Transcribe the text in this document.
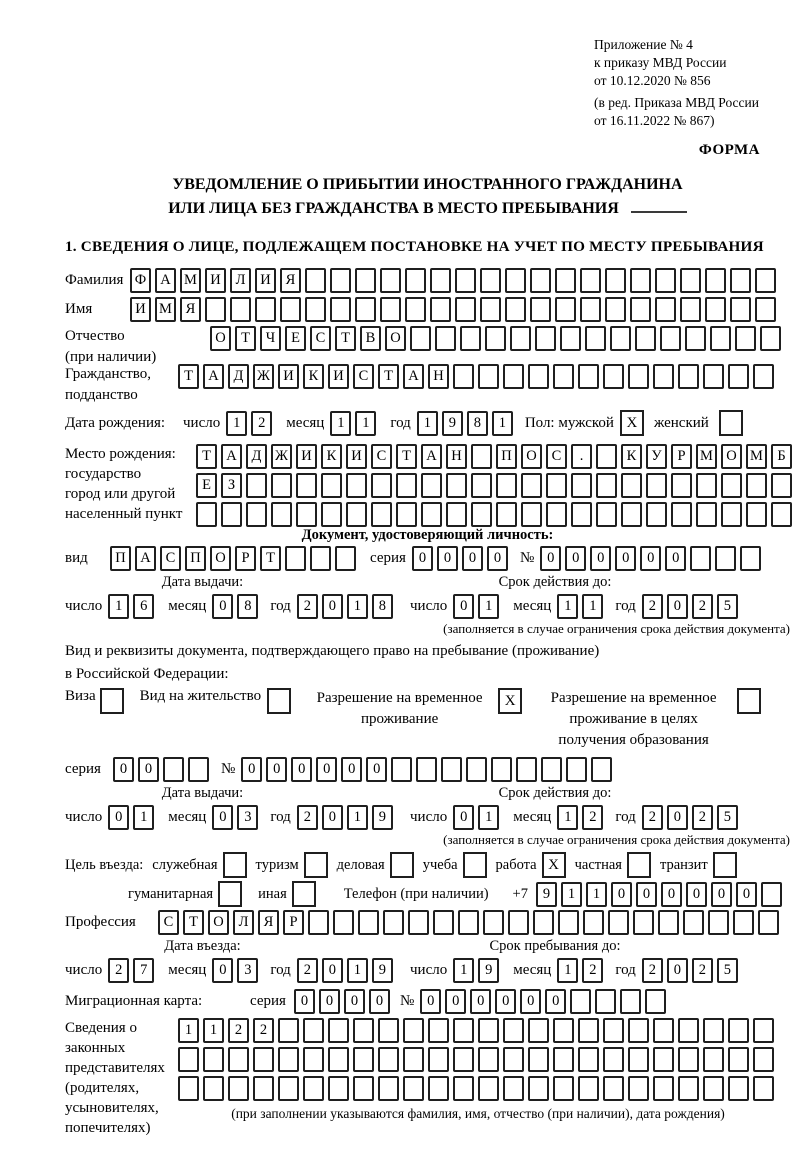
Приложение № 4
к приказу МВД России
от 10.12.2020 № 856
(в ред. Приказа МВД России
от 16.11.2022 № 867)
ФОРМА
УВЕДОМЛЕНИЕ О ПРИБЫТИИ ИНОСТРАННОГО ГРАЖДАНИНА
ИЛИ ЛИЦА БЕЗ ГРАЖДАНСТВА В МЕСТО ПРЕБЫВАНИЯ
1. СВЕДЕНИЯ О ЛИЦЕ, ПОДЛЕЖАЩЕМ ПОСТАНОВКЕ НА УЧЕТ ПО МЕСТУ ПРЕБЫВАНИЯ
Фамилия Ф А М И	Л	И	Я
Имя	И М Я
Отчество
(при наличии)
О	Т	Ч	Е	С	Т	В	О
Гражданство,
подданство
Т	А	Д Ж И	К	И	С	Т	А	Н
Дата рождения:	число 1	2	месяц 1	1	год 1	9	8	1	Пол: мужской X	женский
Место рождения:
государство
город или другой
населенный пункт
Т	А	Д Ж И	К	И	С	Т	А	Н	П	О	С	.	К	У	Р	М О М Б
Е	З
Документ, удостоверяющий личность:
вид	П	А	С	П	О	Р	Т	серия 0	0	0	0	№ 0	0	0	0	0	0
Дата выдачи:
число 1	6	месяц 0	8	год 2	0	1	8
Срок действия до:
число 0	1	месяц 1	1	год 2	0	2	5
(заполняется в случае ограничения срока действия документа)
Вид и реквизиты документа, подтверждающего право на пребывание (проживание)
в Российской Федерации:
Виза	Вид на жительство	Разрешение на временное проживание
X	Разрешение на временное проживание в целях получения образования
серия	0	0	№ 0	0	0	0	0	0
Дата выдачи:
число 0	1	месяц 0	3	год 2	0	1	9
Срок действия до:
число 0	1	месяц 1	2	год 2	0	2	5
(заполняется в случае ограничения срока действия документа)
Цель въезда: служебная	туризм	деловая	учеба	работа X	частная	транзит
гуманитарная	иная	Телефон (при наличии) +7	9	1	1	0	0	0	0	0	0
Профессия	С	Т	О	Л	Я	Р
Дата въезда:
число 2	7	месяц 0	3	год 2	0	1	9
Срок пребывания до:
число 1	9	месяц 1	2	год 2	0	2	5
Миграционная карта:	серия	0	0	0	0	№ 0	0	0	0	0	0
Сведения о
законных
представителях
(родителях,
усыновителях,
попечителях)
1	1	2	2
(при заполнении указываются фамилия, имя, отчество (при наличии), дата рождения)
